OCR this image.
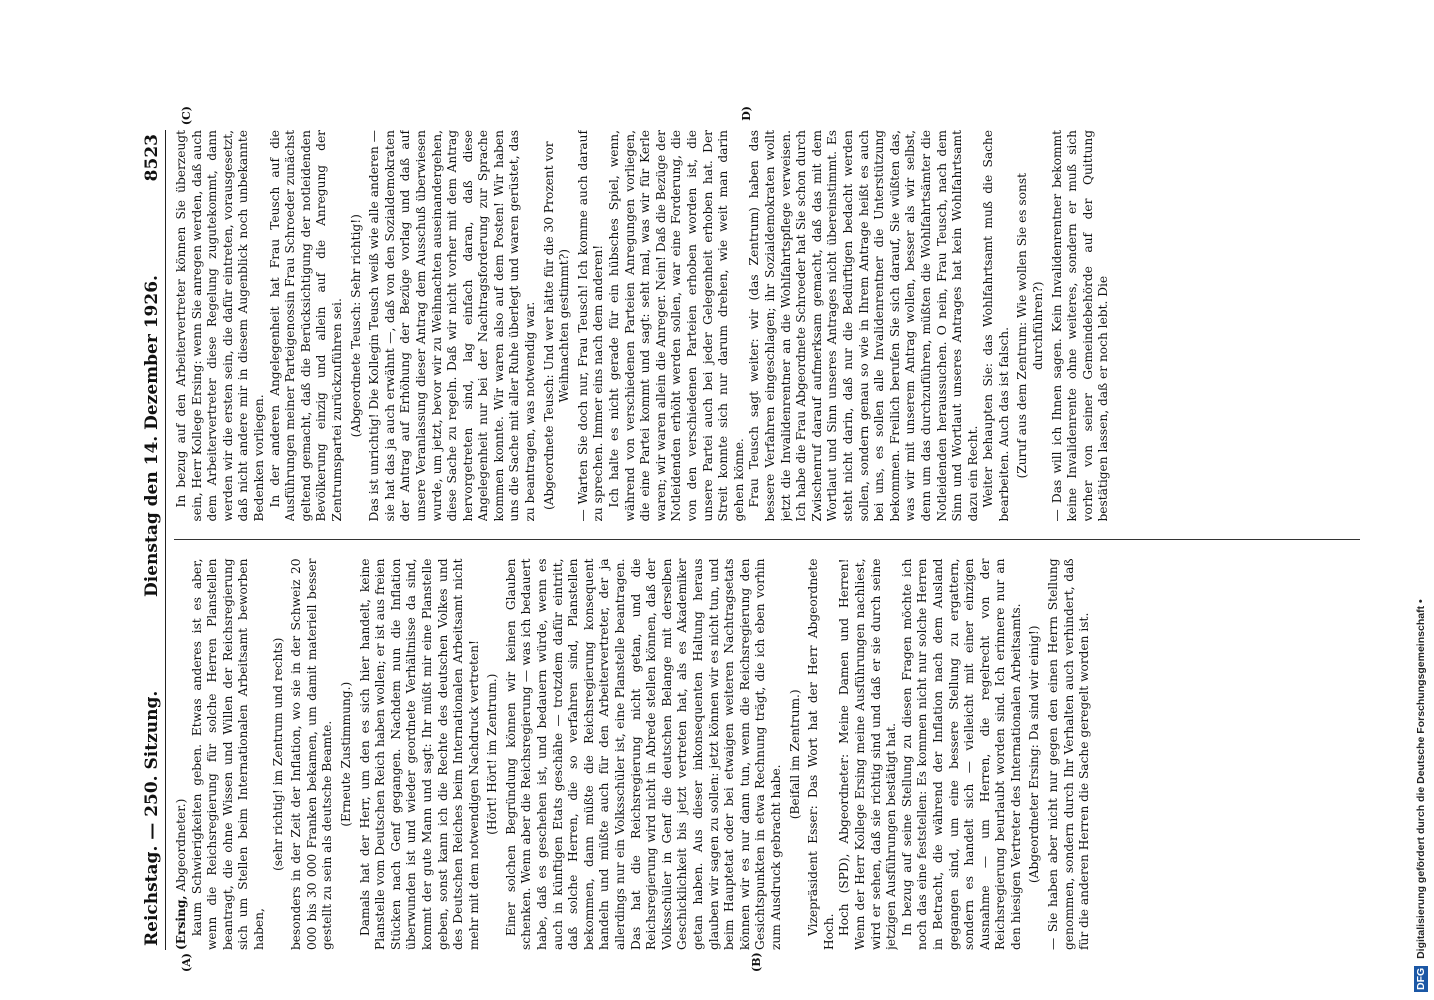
Reichstag. — 250. Sitzung.
Dienstag den 14. Dezember 1926.
8523

(Ersing, Abgeordneter.) kaum Schwierigkeiten geben. Etwas anderes ist es aber, wenn die Reichsregierung für solche Herren Planstellen beantragt, die ohne Wissen und Willen der Reichsregierung sich um Stellen beim Internationalen Arbeitsamt beworben haben,

(sehr richtig! im Zentrum und rechts) besonders in der Zeit der Inflation, wo sie in der Schweiz 20 000 bis 30 000 Franken bekamen, um damit materiell besser gestellt zu sein als deutsche Beamte. (Erneute Zustimmung.) Damals hat der Herr, um den es sich hier handelt, keine Planstelle vom Deutschen Reich haben wollen; er ist aus freien Stücken nach Genf gegangen. Nachdem nun die Inflation überwunden ist und wieder geordnete Verhältnisse da sind, kommt der gute Mann und sagt: Ihr müßt mir eine Planstelle geben, sonst kann ich die Rechte des deutschen Volkes und des Deutschen Reiches beim Internationalen Arbeitsamt nicht mehr mit dem notwendigen Nachdruck vertreten! (Hört! Hört! im Zentrum.) Einer solchen Begründung können wir keinen Glauben schenken. Wenn aber die Reichsregierung — was ich bedauert habe, daß es geschehen ist, und bedauern würde, wenn es auch in künftigen Etats geschähe — trotzdem dafür eintritt, daß solche Herren, die so verfahren sind, Planstellen bekommen, dann müßte die Reichsregierung konsequent handeln und müßte auch für den Arbeitervertreter, der ja allerdings nur ein Volksschüler ist, eine Planstelle beantragen. Das hat die Reichsregierung nicht getan, und die Reichsregierung wird nicht in Abrede stellen können, daß der Volksschüler in Genf die deutschen Belange mit derselben Geschicklichkeit bis jetzt vertreten hat, als es Akademiker getan haben. Aus dieser inkonsequenten Haltung heraus glauben wir sagen zu sollen: jetzt können wir es nicht tun, und beim Hauptetat oder bei etwaigen weiteren Nachtragsetats können wir es nur dann tun, wenn die Reichsregierung den Gesichtspunkten in etwa Rechnung trägt, die ich eben vorhin zum Ausdruck gebracht habe.

(Beifall im Zentrum.) Vizepräsident Esser: Das Wort hat der Herr Abgeordnete Hoch. Hoch (SPD), Abgeordneter: Meine Damen und Herren! Wenn der Herr Kollege Ersing meine Ausführungen nachliest, wird er sehen, daß sie richtig sind und daß er sie durch seine jetzigen Ausführungen bestätigt hat. In bezug auf seine Stellung zu diesen Fragen möchte ich noch das eine feststellen: Es kommen nicht nur solche Herren in Betracht, die während der Inflation nach dem Ausland gegangen sind, um eine bessere Stellung zu ergattern, sondern es handelt sich — vielleicht mit einer einzigen Ausnahme — um Herren, die regelrecht von der Reichsregierung beurlaubt worden sind. Ich erinnere nur an den hiesigen Vertreter des Internationalen Arbeitsamts. (Abgeordneter Ersing: Da sind wir einig!) — Sie haben aber nicht nur gegen den einen Herrn Stellung genommen, sondern durch Ihr Verhalten auch verhindert, daß für die anderen Herren die Sache geregelt worden ist.

In bezug auf den Arbeitervertreter können Sie überzeugt sein, Herr Kollege Ersing: wenn Sie anregen werden, daß auch dem Arbeitervertreter diese Regelung zugutekommt, dann werden wir die ersten sein, die dafür eintreten, vorausgesetzt, daß nicht andere mir in diesem Augenblick noch unbekannte Bedenken vorliegen. In der anderen Angelegenheit hat Frau Teusch auf die Ausführungen meiner Parteigenossin Frau Schroeder zunächst geltend gemacht, daß die Berücksichtigung der notleidenden Bevölkerung einzig und allein auf die Anregung der Zentrumspartei zurückzuführen sei. (Abgeordnete Teusch: Sehr richtig!) Das ist unrichtig! Die Kollegin Teusch weiß wie alle anderen — sie hat das ja auch erwähnt —, daß von den Sozialdemokraten der Antrag auf Erhöhung der Bezüge vorlag und daß auf unsere Veranlassung dieser Antrag dem Ausschuß überwiesen wurde, um jetzt, bevor wir zu Weihnachten auseinandergehen, diese Sache zu regeln. Daß wir nicht vorher mit dem Antrag hervorgetreten sind, lag einfach daran, daß diese Angelegenheit nur bei der Nachtragsforderung zur Sprache kommen konnte. Wir waren also auf dem Posten! Wir haben uns die Sache mit aller Ruhe überlegt und waren gerüstet, das zu beantragen, was notwendig war. (Abgeordnete Teusch: Und wer hätte für die 30 Prozent vor Weihnachten gestimmt?) — Warten Sie doch nur, Frau Teusch! Ich komme auch darauf zu sprechen. Immer eins nach dem anderen! Ich halte es nicht gerade für ein hübsches Spiel, wenn, während von verschiedenen Parteien Anregungen vorliegen, die eine Partei kommt und sagt: seht mal, was wir für Kerle waren; wir waren allein die Anreger. Nein! Daß die Bezüge der Notleidenden erhöht werden sollen, war eine Forderung, die von den verschiedenen Parteien erhoben worden ist, die unsere Partei auch bei jeder Gelegenheit erhoben hat. Der Streit konnte sich nur darum drehen, wie weit man darin gehen könne. Frau Teusch sagt weiter: wir (das Zentrum) haben das bessere Verfahren eingeschlagen; ihr Sozialdemokraten wollt jetzt die Invalidenrentner an die Wohlfahrtspflege verweisen. Ich habe die Frau Abgeordnete Schroeder hat Sie schon durch Zwischenruf darauf aufmerksam gemacht, daß das mit dem Wortlaut und Sinn unseres Antrages nicht übereinstimmt. Es steht nicht darin, daß nur die Bedürftigen bedacht werden sollen, sondern genau so wie in Ihrem Antrage heißt es auch bei uns, es sollen alle Invalidenrentner die Unterstützung bekommen. Freilich berufen Sie sich darauf, Sie wüßten das, was wir mit unserem Antrag wollen, besser als wir selbst, denn um das durchzuführen, müßten die Wohlfahrtsämter die Notleidenden heraussuchen. O nein, Frau Teusch, nach dem Sinn und Wortlaut unseres Antrages hat kein Wohlfahrtsamt dazu ein Recht. Weiter behaupten Sie: das Wohlfahrtsamt muß die Sache bearbeiten. Auch das ist falsch. (Zuruf aus dem Zentrum: Wie wollen Sie es sonst durchführen?) — Das will ich Ihnen sagen. Kein Invalidenrentner bekommt keine Invalidenrente ohne weiteres, sondern er muß sich vorher von seiner Gemeindebehörde auf der Quittung bestätigen lassen, daß er noch lebt. Die

(A)	(B)
(C)	D)
DFG Digitalisierung gefördert durch die Deutsche Forschungsgemeinschaft •
